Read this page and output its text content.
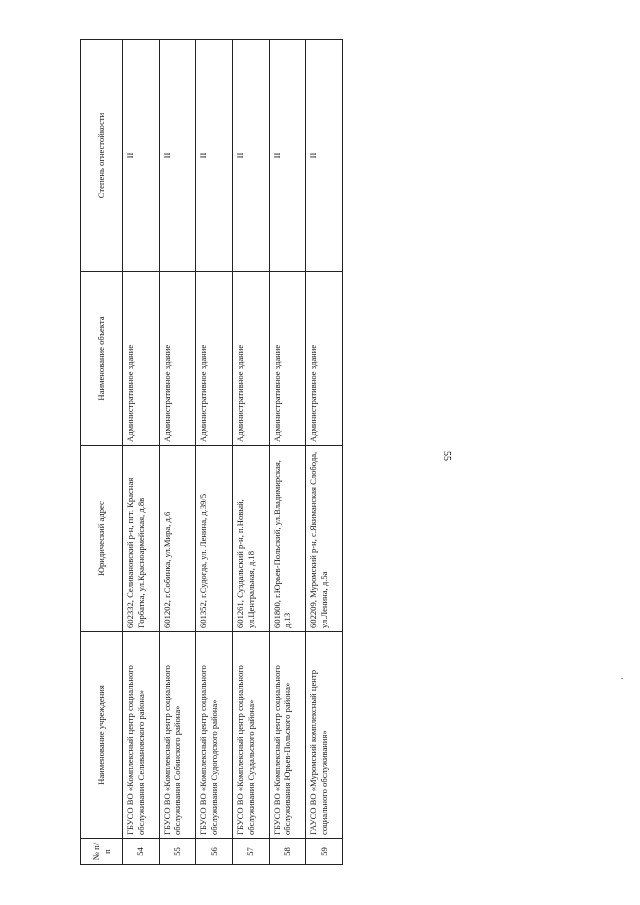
55
№ п/п	Наименование учреждения	Юридический адрес	Наименование объекта	Степень огнестойкости
54	ГБУСО ВО «Комплексный центр социального обслуживания Селивановского района»	602332, Селивановский р-н, пгт. Красная Горбатка, ул.Красноармейская, д.8в	Административное здание	II
55	ГБУСО ВО «Комплексный центр социального обслуживания Собинского района»	601202, г.Собинка, ул.Мира, д.6	Административное здание	II
56	ГБУСО ВО «Комплексный центр социального обслуживания Судогодского района»	601352, г.Судогда, ул. Ленина, д.39/5	Административное здание	II
57	ГБУСО ВО «Комплексный центр социального обслуживания Суздальского района»	601261, Суздальский р-н, п.Новый, ул.Центральная, д.18	Административное здание	II
58	ГБУСО ВО «Комплексный центр социального обслуживания Юрьев-Польского района»	601800, г.Юрьев-Польский, ул.Владимирская, д.13	Административное здание	II
59	ГАУСО ВО «Муромский комплексный центр социального обслуживания»	602209, Муромский р-н, с.Якиманская Слобода, ул.Ленина, д.5а	Административное здание	II
